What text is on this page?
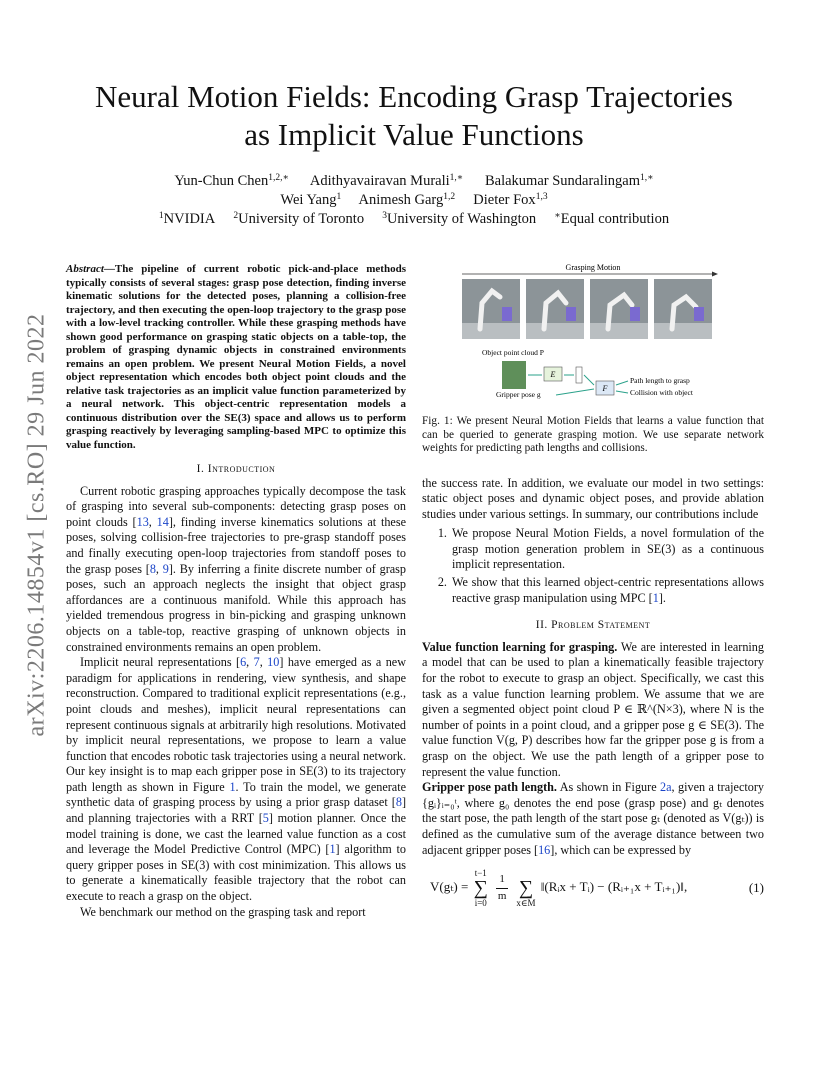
arXiv:2206.14854v1 [cs.RO] 29 Jun 2022
Neural Motion Fields: Encoding Grasp Trajectories
as Implicit Value Functions
Yun-Chun Chen$^{1,2,∗}$ Adithyavairavan Murali$^{1,∗}$ Balakumar Sundaralingam$^{1,∗}$
Wei Yang$^1$ Animesh Garg$^{1,2}$ Dieter Fox$^{1,3}$
$^1$NVIDIA $^2$University of Toronto $^3$University of Washington ∗Equal contribution

Abstract—The pipeline of current robotic pick-and-place methods typically consists of several stages: grasp pose detection, finding inverse kinematic solutions for the detected poses, planning a collision-free trajectory, and then executing the open-loop trajectory to the grasp pose with a low-level tracking controller. While these grasping methods have shown good performance on grasping static objects on a table-top, the problem of grasping dynamic objects in constrained environments remains an open problem. We present Neural Motion Fields, a novel object representation which encodes both object point clouds and the relative task trajectories as an implicit value function parameterized by a neural network. This object-centric representation models a continuous distribution over the SE(3) space and allows us to perform grasping reactively by leveraging sampling-based MPC to optimize this value function.

I. Introduction

Current robotic grasping approaches typically decompose the task of grasping into several sub-components: detecting grasp poses on point clouds [13, 14], finding inverse kinematics solutions at these poses, solving collision-free trajectories to pre-grasp standoff poses and finally executing open-loop trajectories from standoff poses to the grasp poses [8, 9]. By inferring a finite discrete number of grasp poses, such an approach neglects the insight that object grasp affordances are a continuous manifold. While this approach has yielded tremendous progress in bin-picking and grasping unknown objects on a table-top, reactive grasping of unknown objects in constrained environments remains an open problem.

Implicit neural representations [6, 7, 10] have emerged as a new paradigm for applications in rendering, view synthesis, and shape reconstruction. Compared to traditional explicit representations (e.g., point clouds and meshes), implicit neural representations can represent continuous signals at arbitrarily high resolutions. Motivated by implicit neural representations, we propose to learn a value function that encodes robotic task trajectories using a neural network. Our key insight is to map each gripper pose in SE(3) to its trajectory path length as shown in Figure 1. To train the model, we generate synthetic data of grasping process by using a prior grasp dataset [8] and planning trajectories with a RRT [5] motion planner. Once the model training is done, we cast the learned value function as a cost and leverage the Model Predictive Control (MPC) [1] algorithm to query gripper poses in SE(3) with cost minimization. This allows us to generate a kinematically feasible trajectory that the robot can execute to reach a grasp on the object.

We benchmark our method on the grasping task and report

Grasping Motion
Object point cloud P
E
Gripper pose g
F
Path length to grasp
Collision with object

Fig. 1: We present Neural Motion Fields that learns a value function that can be queried to generate grasping motion. We use separate network weights for predicting path lengths and collisions.

the success rate. In addition, we evaluate our model in two settings: static object poses and dynamic object poses, and provide ablation studies under various settings. In summary, our contributions include

1. We propose Neural Motion Fields, a novel formulation of the grasp motion generation problem in SE(3) as a continuous implicit representation.
2. We show that this learned object-centric representations allows reactive grasp manipulation using MPC [1].
II. Problem Statement

Value function learning for grasping. We are interested in learning a model that can be used to plan a kinematically feasible trajectory for the robot to execute to grasp an object. Specifically, we cast this task as a value function learning problem. We assume that we are given a segmented object point cloud P ∈ ℝ^(N×3), where N is the number of points in a point cloud, and a gripper pose g ∈ SE(3). The value function V(g, P) describes how far the gripper pose g is from a grasp on the object. We use the path length of a gripper pose to represent the value function.

Gripper pose path length. As shown in Figure 2a, given a trajectory {gᵢ}ᵢ₌₀ᵗ, where g₀ denotes the end pose (grasp pose) and gₜ denotes the start pose, the path length of the start pose gₜ (denoted as V(gₜ)) is defined as the cumulative sum of the average distance between two adjacent gripper poses [16], which can be expressed by

V(gₜ) =
t−1
∑
i=0
$\frac{1}{m}$
∑
x∈M
‖(Rᵢx + Tᵢ) − (Rᵢ₊₁x + Tᵢ₊₁)‖,	(1)
